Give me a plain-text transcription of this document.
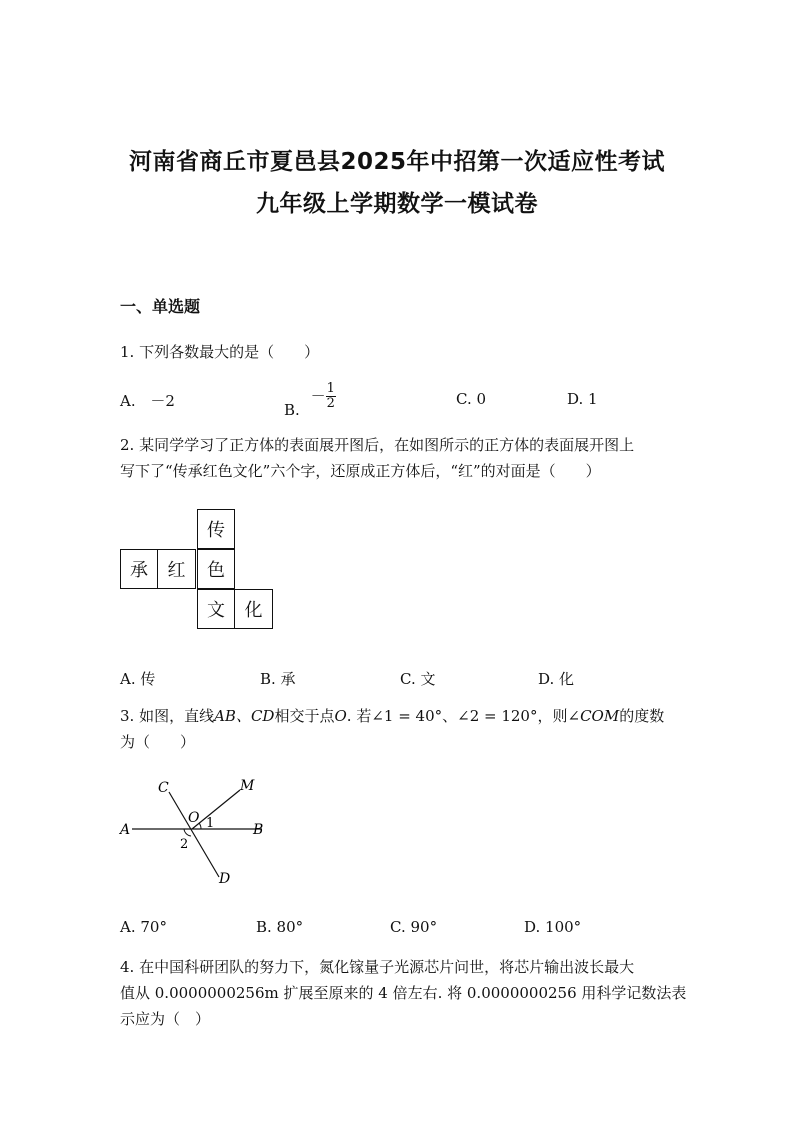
河南省商丘市夏邑县2025年中招第一次适应性考试
九年级上学期数学一模试卷
一、单选题
1. 下列各数最大的是（　　）
A. －2	B. － $\frac{1}{2}$	C. 0	D. 1
2. 某同学学习了正方体的表面展开图后，在如图所示的正方体的表面展开图上
写下了“传承红色文化”六个字，还原成正方体后，“红”的对面是（　　）
传
承	红	色
文	化
A. 传	B. 承	C. 文	D. 化
3. 如图，直线AB、CD相交于点O. 若∠1 = 40°、∠2 = 120°，则∠COM的度数
为（　　）
C	M
O 1
A	B
2
D
A. 70°	B. 80°	C. 90°	D. 100°
4. 在中国科研团队的努力下，氮化镓量子光源芯片问世，将芯片输出波长最大
值从 0.0000000256m 扩展至原来的 4 倍左右. 将 0.0000000256 用科学记数法表
示应为（　）
